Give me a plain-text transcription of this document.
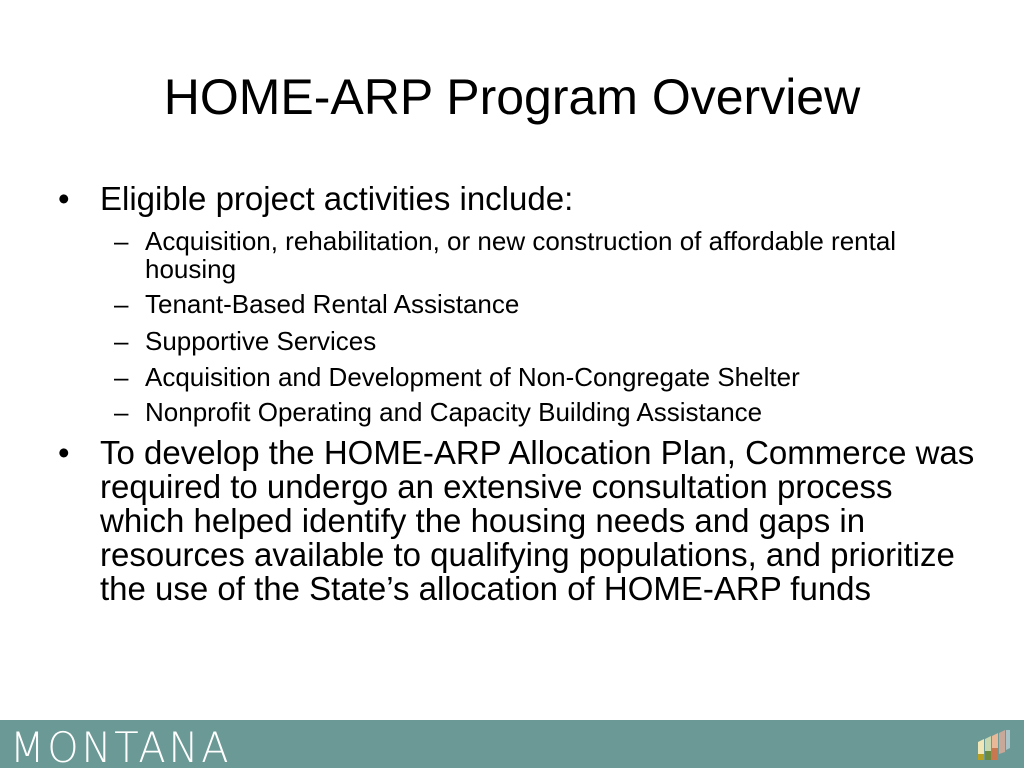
HOME-ARP Program Overview
• Eligible project activities include:
– Acquisition, rehabilitation, or new construction of affordable rental housing
– Tenant-Based Rental Assistance
– Supportive Services
– Acquisition and Development of Non-Congregate Shelter
– Nonprofit Operating and Capacity Building Assistance
• To develop the HOME-ARP Allocation Plan, Commerce was required to undergo an extensive consultation process which helped identify the housing needs and gaps in resources available to qualifying populations, and prioritize the use of the State’s allocation of HOME-ARP funds
MONTANA
